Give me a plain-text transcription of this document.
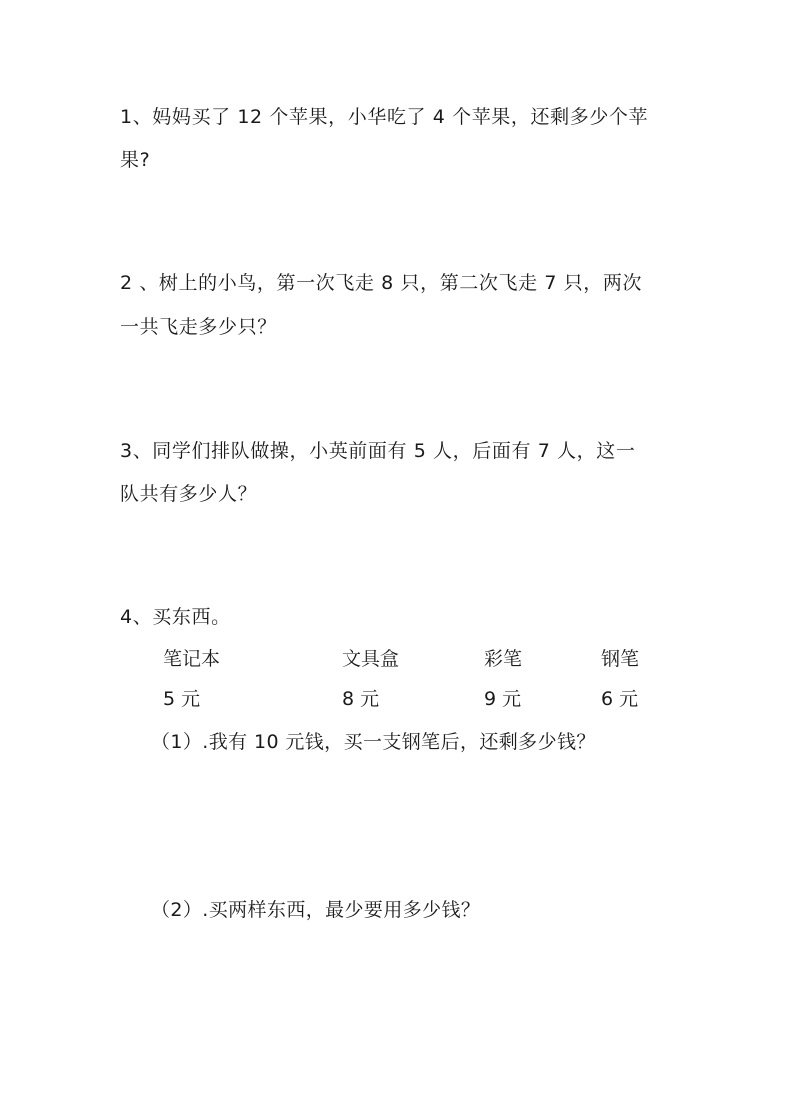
1、妈妈买了 12 个苹果，小华吃了 4 个苹果，还剩多少个苹
果?
2 、树上的小鸟，第一次飞走 8 只，第二次飞走 7 只，两次
一共飞走多少只？
3、同学们排队做操，小英前面有 5 人，后面有 7 人，这一
队共有多少人？
4、买东西。
笔记本	文具盒	彩笔	钢笔
5 元	8 元	9 元	6 元
（1）.我有 10 元钱，买一支钢笔后，还剩多少钱？
（2）.买两样东西，最少要用多少钱？
